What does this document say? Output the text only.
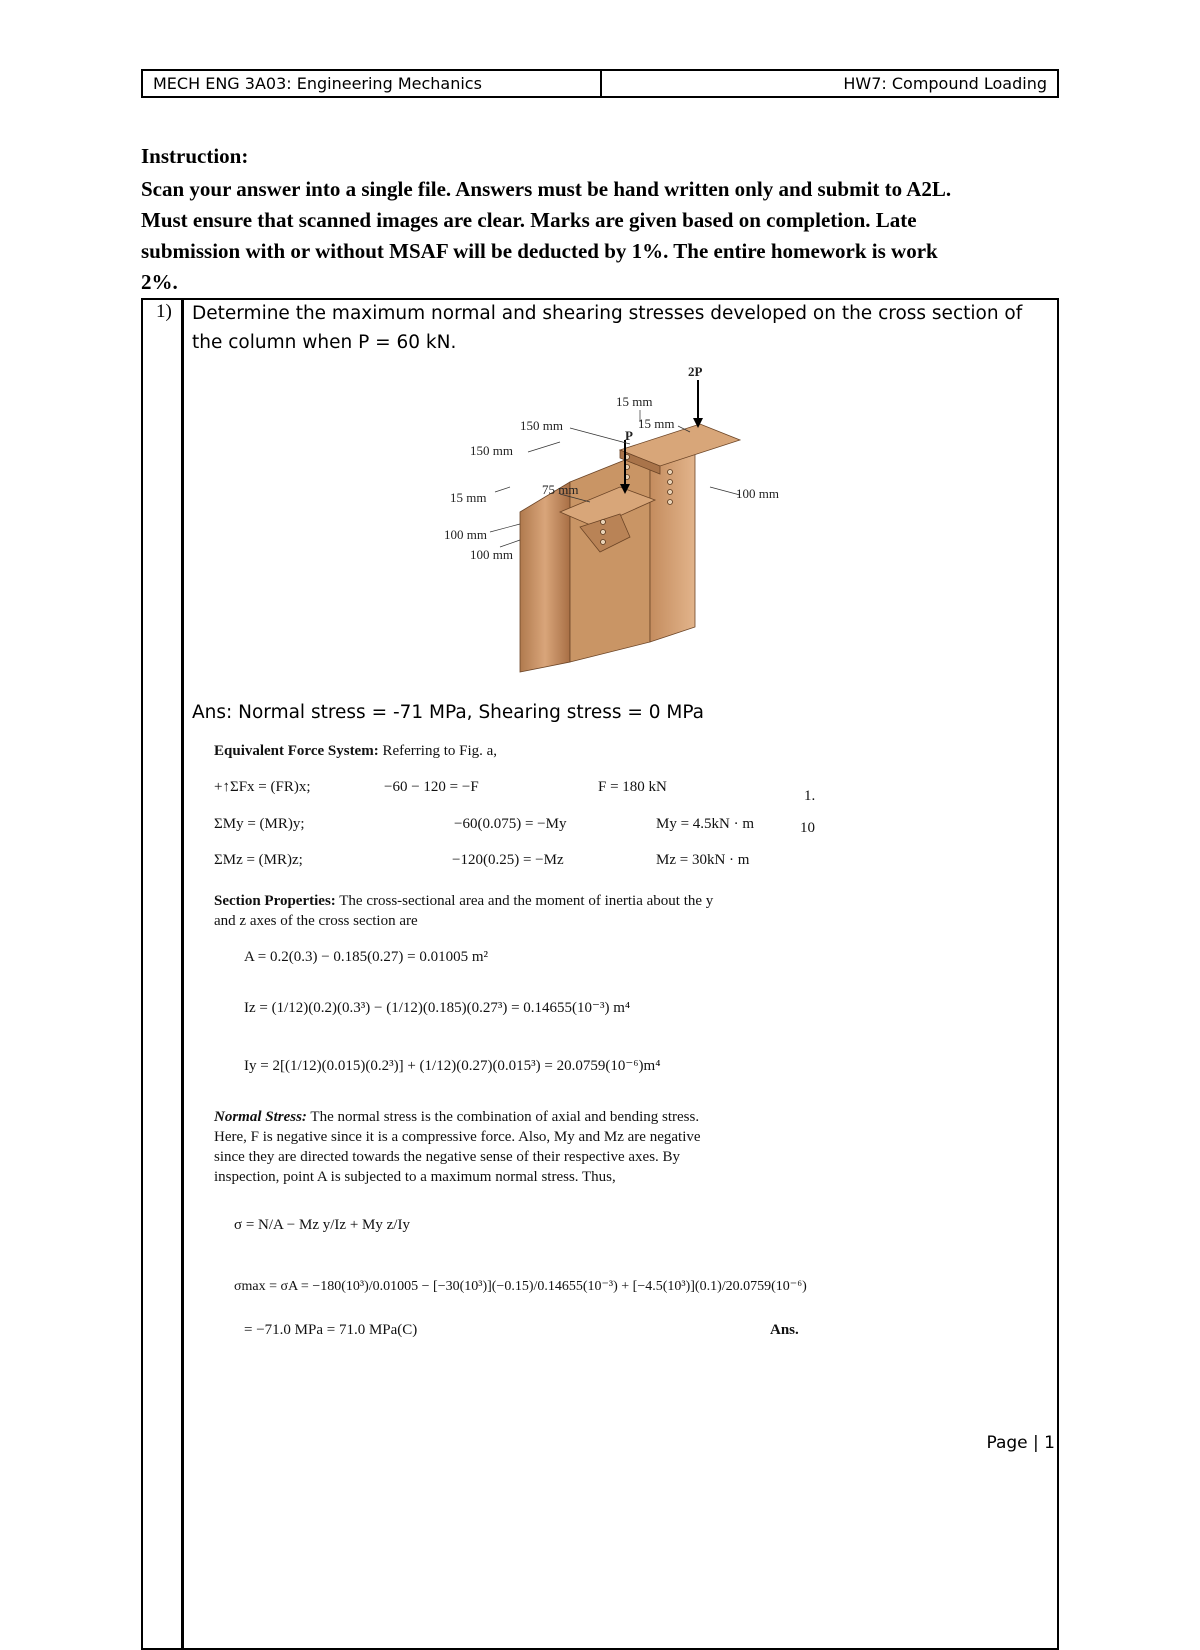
MECH ENG 3A03: Engineering Mechanics	HW7: Compound Loading
Instruction:
Scan your answer into a single file. Answers must be hand written only and submit to A2L.
Must ensure that scanned images are clear. Marks are given based on completion. Late
submission with or without MSAF will be deducted by 1%. The entire homework is work
2%.
1) Determine the maximum normal and shearing stresses developed on the cross section of
the column when P = 60 kN.
2P
P
15 mm
15 mm
150 mm
150 mm
75 mm
15 mm	100 mm
100 mm
100 mm
Ans: Normal stress = -71 MPa, Shearing stress = 0 MPa
Equivalent Force System: Referring to Fig. a,
+↑ΣFx = (FR)x;	−60 − 120 = −F	F = 180 kN
1.
ΣMy = (MR)y;	−60(0.075) = −My	My = 4.5kN · m	10
ΣMz = (MR)z;	−120(0.25) = −Mz	Mz = 30kN · m
Section Properties: The cross-sectional area and the moment of inertia about the y
and z axes of the cross section are
A = 0.2(0.3) − 0.185(0.27) = 0.01005 m²
Iz = (1/12)(0.2)(0.3³) − (1/12)(0.185)(0.27³) = 0.14655(10⁻³) m⁴
Iy = 2[(1/12)(0.015)(0.2³)] + (1/12)(0.27)(0.015³) = 20.0759(10⁻⁶)m⁴
Normal Stress: The normal stress is the combination of axial and bending stress.
Here, F is negative since it is a compressive force. Also, My and Mz are negative
since they are directed towards the negative sense of their respective axes. By
inspection, point A is subjected to a maximum normal stress. Thus,
σ = N/A − Mz y/Iz + My z/Iy
σmax = σA = −180(10³)/0.01005 − [−30(10³)](−0.15)/0.14655(10⁻³) + [−4.5(10³)](0.1)/20.0759(10⁻⁶)
= −71.0 MPa = 71.0 MPa(C)	Ans.
Page | 1
